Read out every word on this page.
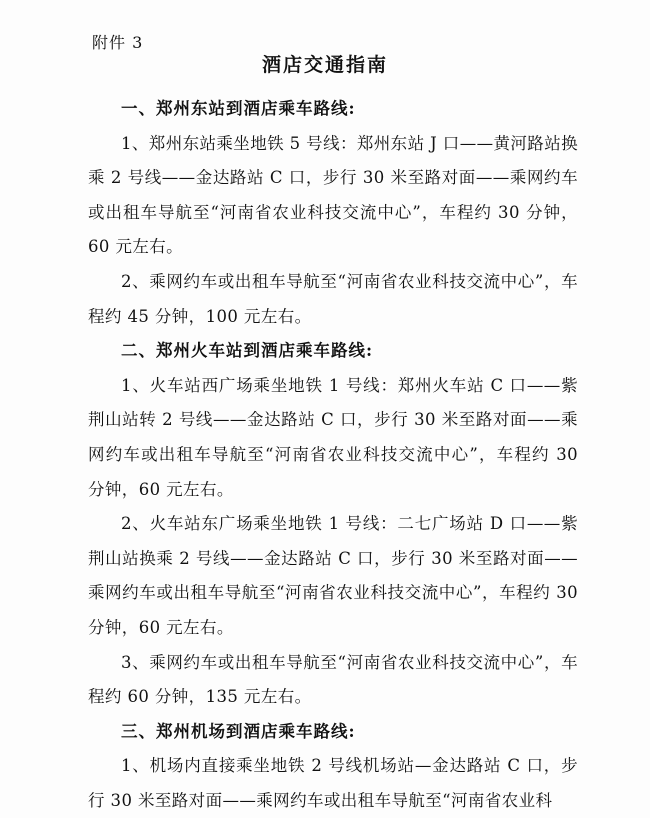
附件 3
酒店交通指南
一、郑州东站到酒店乘车路线:

1、郑州东站乘坐地铁 5 号线：郑州东站 J 口——黄河路站换乘 2 号线——金达路站 C 口，步行 30 米至路对面——乘网约车或出租车导航至“河南省农业科技交流中心”，车程约 30 分钟，60 元左右。

2、乘网约车或出租车导航至“河南省农业科技交流中心”，车程约 45 分钟，100 元左右。

二、郑州火车站到酒店乘车路线:

1、火车站西广场乘坐地铁 1 号线：郑州火车站 C 口——紫荆山站转 2 号线——金达路站 C 口，步行 30 米至路对面——乘网约车或出租车导航至“河南省农业科技交流中心”，车程约 30 分钟，60 元左右。

2、火车站东广场乘坐地铁 1 号线：二七广场站 D 口——紫荆山站换乘 2 号线——金达路站 C 口，步行 30 米至路对面——乘网约车或出租车导航至“河南省农业科技交流中心”，车程约 30 分钟，60 元左右。

3、乘网约车或出租车导航至“河南省农业科技交流中心”，车程约 60 分钟，135 元左右。

三、郑州机场到酒店乘车路线:

1、机场内直接乘坐地铁 2 号线机场站—金达路站 C 口，步行 30 米至路对面——乘网约车或出租车导航至“河南省农业科
